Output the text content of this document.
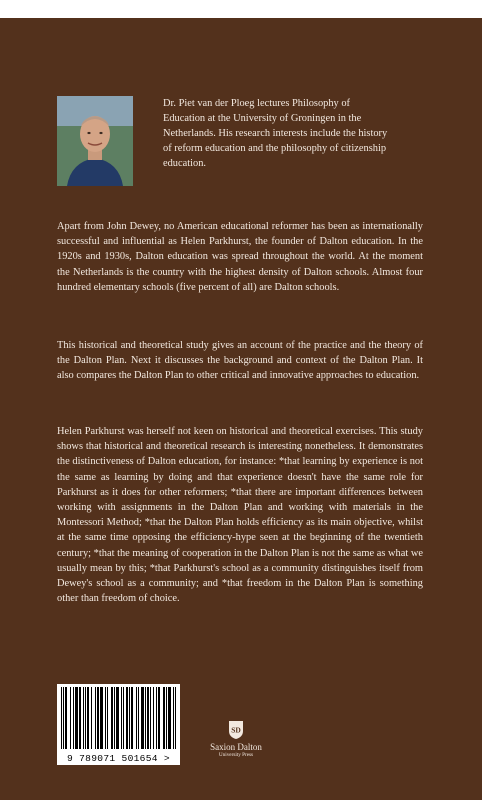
Dr. Piet van der Ploeg lectures Philosophy of Education at the University of Groningen in the Netherlands. His research interests include the history of reform education and the philosophy of citizenship education.

Apart from John Dewey, no American educational reformer has been as internationally successful and influential as Helen Parkhurst, the founder of Dalton education. In the 1920s and 1930s, Dalton education was spread throughout the world. At the moment the Netherlands is the country with the highest density of Dalton schools. Almost four hundred elementary schools (five percent of all) are Dalton schools.

This historical and theoretical study gives an account of the practice and the theory of the Dalton Plan. Next it discusses the background and context of the Dalton Plan. It also compares the Dalton Plan to other critical and innovative approaches to education.

Helen Parkhurst was herself not keen on historical and theoretical exercises. This study shows that historical and theoretical research is interesting nonetheless. It demonstrates the distinctiveness of Dalton education, for instance: *that learning by experience is not the same as learning by doing and that experience doesn't have the same role for Parkhurst as it does for other reformers; *that there are important differences between working with assignments in the Dalton Plan and working with materials in the Montessori Method; *that the Dalton Plan holds efficiency as its main objective, whilst at the same time opposing the efficiency-hype seen at the beginning of the twentieth century; *that the meaning of cooperation in the Dalton Plan is not the same as what we usually mean by this; *that Parkhurst's school as a community distinguishes itself from Dewey's school as a community; and *that freedom in the Dalton Plan is something other than freedom of choice.

9 789071 501654 >
SD
Saxion Dalton
University Press
